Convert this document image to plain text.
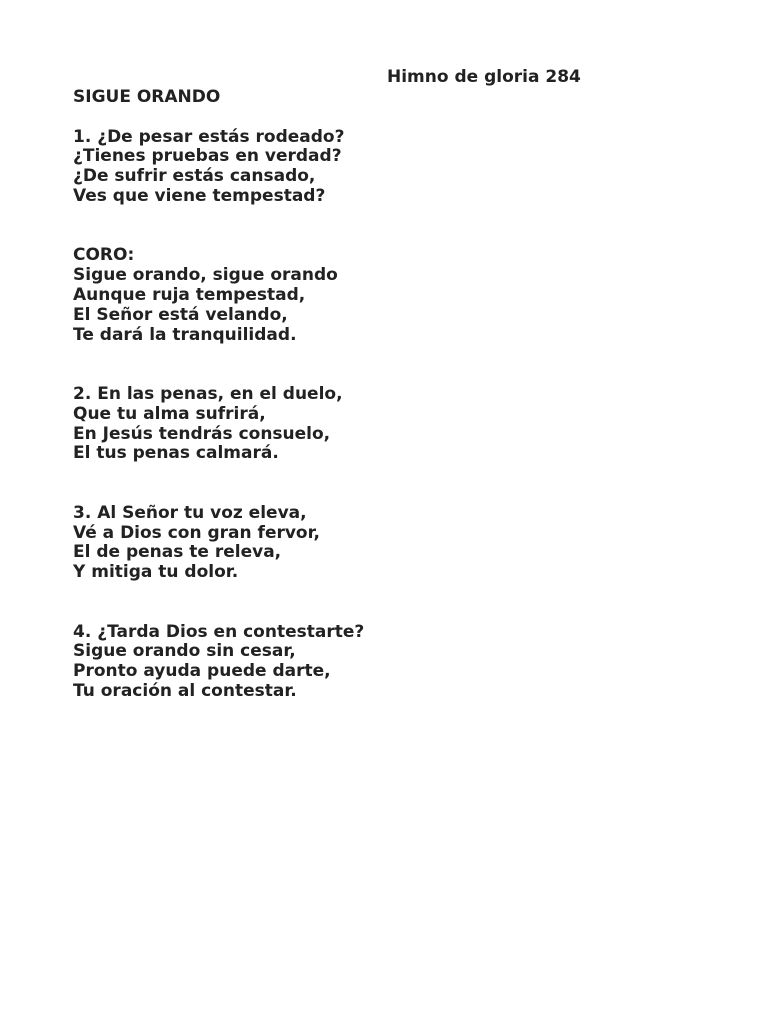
Himno de gloria 284
SIGUE ORANDO
1. ¿De pesar estás rodeado?
¿Tienes pruebas en verdad?
¿De sufrir estás cansado,
Ves que viene tempestad?
CORO:
Sigue orando, sigue orando
Aunque ruja tempestad,
El Señor está velando,
Te dará la tranquilidad.
2. En las penas, en el duelo,
Que tu alma sufrirá,
En Jesús tendrás consuelo,
El tus penas calmará.
3. Al Señor tu voz eleva,
Vé a Dios con gran fervor,
El de penas te releva,
Y mitiga tu dolor.
4. ¿Tarda Dios en contestarte?
Sigue orando sin cesar,
Pronto ayuda puede darte,
Tu oración al contestar.
